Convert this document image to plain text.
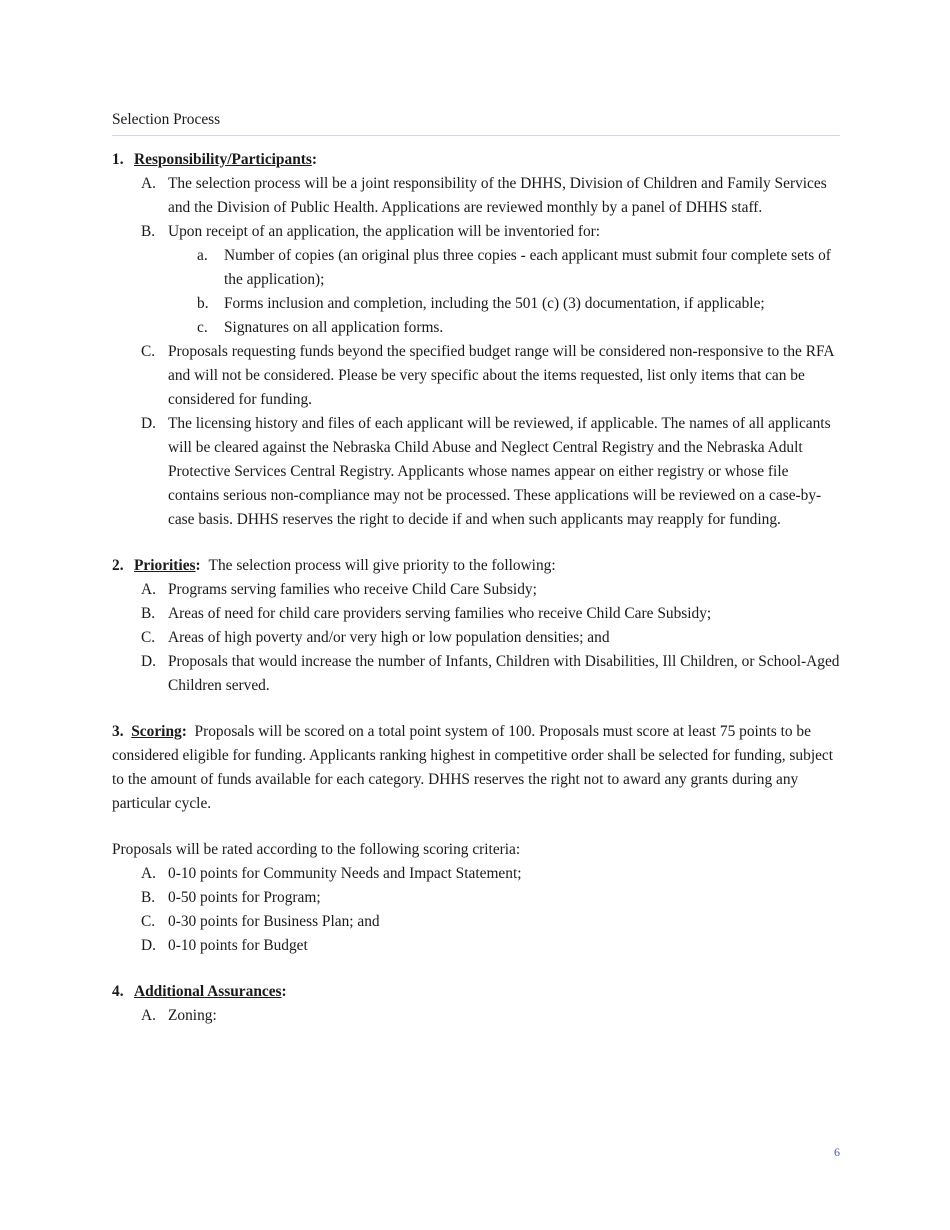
Selection Process
1. Responsibility/Participants:
A. The selection process will be a joint responsibility of the DHHS, Division of Children and Family Services and the Division of Public Health. Applications are reviewed monthly by a panel of DHHS staff.
B. Upon receipt of an application, the application will be inventoried for:
a.	Number of copies (an original plus three copies - each applicant must submit four complete sets of the application);
b.	Forms inclusion and completion, including the 501 (c) (3) documentation, if applicable;
c.	Signatures on all application forms.
C. Proposals requesting funds beyond the specified budget range will be considered non-responsive to the RFA and will not be considered. Please be very specific about the items requested, list only items that can be considered for funding.
D. The licensing history and files of each applicant will be reviewed, if applicable. The names of all applicants will be cleared against the Nebraska Child Abuse and Neglect Central Registry and the Nebraska Adult Protective Services Central Registry. Applicants whose names appear on either registry or whose file contains serious non-compliance may not be processed. These applications will be reviewed on a case-by-case basis. DHHS reserves the right to decide if and when such applicants may reapply for funding.
2. Priorities: The selection process will give priority to the following:
A. Programs serving families who receive Child Care Subsidy;
B. Areas of need for child care providers serving families who receive Child Care Subsidy;
C. Areas of high poverty and/or very high or low population densities; and
D. Proposals that would increase the number of Infants, Children with Disabilities, Ill Children, or School-Aged Children served.
3. Scoring: Proposals will be scored on a total point system of 100. Proposals must score at least 75 points to be considered eligible for funding. Applicants ranking highest in competitive order shall be selected for funding, subject to the amount of funds available for each category. DHHS reserves the right not to award any grants during any particular cycle.
Proposals will be rated according to the following scoring criteria:
A. 0-10 points for Community Needs and Impact Statement;
B. 0-50 points for Program;
C. 0-30 points for Business Plan; and
D. 0-10 points for Budget
4. Additional Assurances:
A. Zoning:
6
